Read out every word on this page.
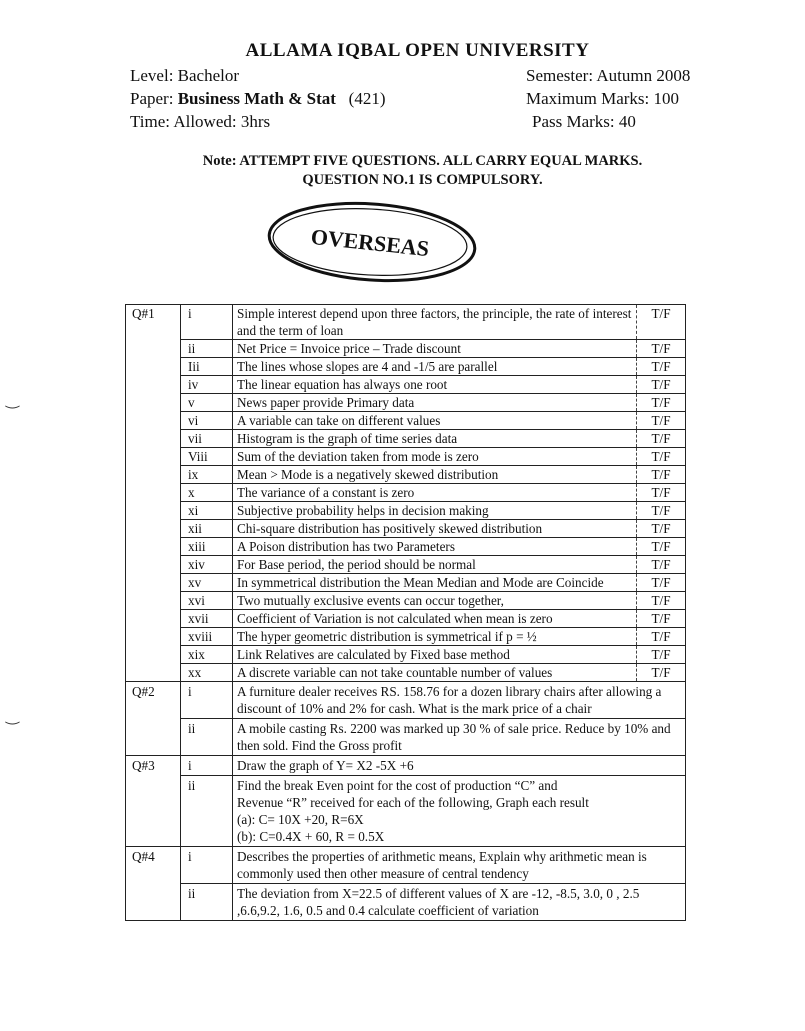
ALLAMA IQBAL OPEN UNIVERSITY
Level: Bachelor
Paper: Business Math & Stat (421)
Time: Allowed: 3hrs
Semester: Autumn 2008
Maximum Marks: 100
Pass Marks: 40
Note: ATTEMPT FIVE QUESTIONS. ALL CARRY EQUAL MARKS.
QUESTION NO.1 IS COMPULSORY.
OVERSEAS
‿
‿
Q#1	i	Simple interest depend upon three factors, the principle, the rate of interest and the term of loan	T/F
	ii	Net Price = Invoice price – Trade discount	T/F
	Iii	The lines whose slopes are 4 and -1/5 are parallel	T/F
	iv	The linear equation has always one root	T/F
	v	News paper provide Primary data	T/F
	vi	A variable can take on different values	T/F
	vii	Histogram is the graph of time series data	T/F
	Viii	Sum of the deviation taken from mode is zero	T/F
	ix	Mean > Mode is a negatively skewed distribution	T/F
	x	The variance of a constant is zero	T/F
	xi	Subjective probability helps in decision making	T/F
	xii	Chi-square distribution has positively skewed distribution	T/F
	xiii	A Poison distribution has two Parameters	T/F
	xiv	For Base period, the period should be normal	T/F
	xv	In symmetrical distribution the Mean Median and Mode are Coincide	T/F
	xvi	Two mutually exclusive events can occur together,	T/F
	xvii	Coefficient of Variation is not calculated when mean is zero	T/F
	xviii	The hyper geometric distribution is symmetrical if p = ½	T/F
	xix	Link Relatives are calculated by Fixed base method	T/F
	xx	A discrete variable can not take countable number of values	T/F
Q#2	i	A furniture dealer receives RS. 158.76 for a dozen library chairs after allowing a discount of 10% and 2% for cash. What is the mark price of a chair	
	ii	A mobile casting Rs. 2200 was marked up 30 % of sale price. Reduce by 10% and then sold. Find the Gross profit	
Q#3	i	Draw the graph of Y= X2 -5X +6	
	ii	Find the break Even point for the cost of production “C” and
Revenue “R” received for each of the following, Graph each result
(a): C= 10X +20, R=6X
(b): C=0.4X + 60, R = 0.5X	

Q#4	i	Describes the properties of arithmetic means, Explain why arithmetic mean is commonly used then other measure of central tendency	
	ii	The deviation from X=22.5 of different values of X are -12, -8.5, 3.0, 0 , 2.5 ,6.6,9.2, 1.6, 0.5 and 0.4 calculate coefficient of variation	
